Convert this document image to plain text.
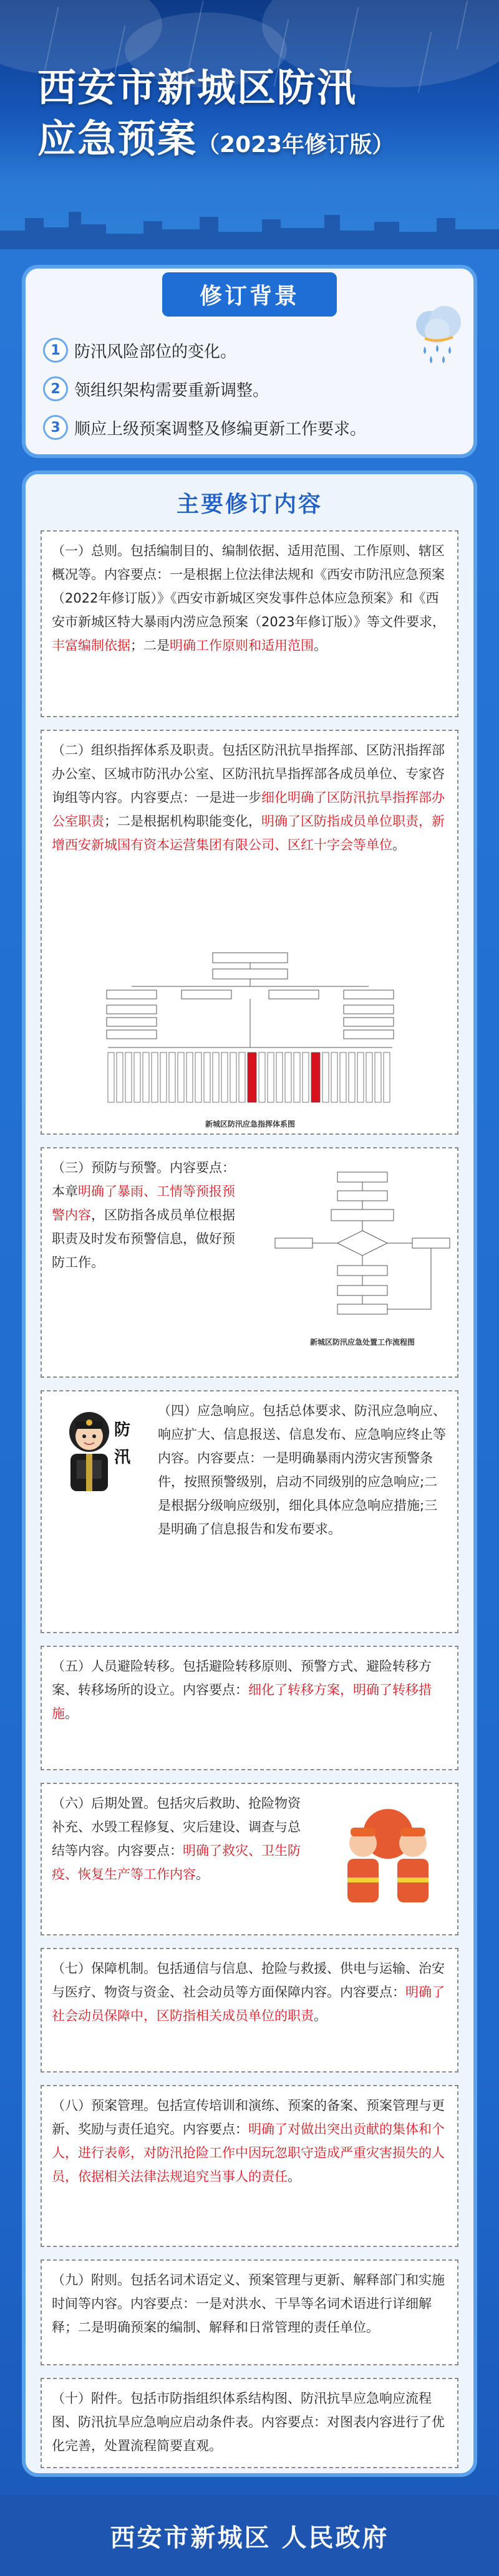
西安市新城区防汛
应急预案（2023年修订版）
修订背景
1 防汛风险部位的变化。
2 领组织架构需要重新调整。
3 顺应上级预案调整及修编更新工作要求。
主要修订内容
（一）总则。包括编制目的、编制依据、适用范围、工作原则、辖区概况等。内容要点：一是根据上位法律法规和《西安市防汛应急预案（2022年修订版）》《西安市新城区突发事件总体应急预案》和《西安市新城区特大暴雨内涝应急预案（2023年修订版）》等文件要求，丰富编制依据；二是明确工作原则和适用范围。
（二）组织指挥体系及职责。包括区防汛抗旱指挥部、区防汛指挥部办公室、区城市防汛办公室、区防汛抗旱指挥部各成员单位、专家咨询组等内容。内容要点：一是进一步细化明确了区防汛抗旱指挥部办公室职责；二是根据机构职能变化，明确了区防指成员单位职责，新增西安新城国有资本运营集团有限公司、区红十字会等单位。
新城区防汛应急指挥体系图
（三）预防与预警。内容要点：本章明确了暴雨、工情等预报预警内容，区防指各成员单位根据职责及时发布预警信息，做好预防工作。
新城区防汛应急处置工作流程图
防汛
（四）应急响应。包括总体要求、防汛应急响应、响应扩大、信息报送、信息发布、应急响应终止等内容。内容要点：一是明确暴雨内涝灾害预警条件，按照预警级别，启动不同级别的应急响应;二是根据分级响应级别，细化具体应急响应措施;三是明确了信息报告和发布要求。
（五）人员避险转移。包括避险转移原则、预警方式、避险转移方案、转移场所的设立。内容要点：细化了转移方案，明确了转移措施。
（六）后期处置。包括灾后救助、抢险物资补充、水毁工程修复、灾后建设、调查与总结等内容。内容要点：明确了救灾、卫生防疫、恢复生产等工作内容。
（七）保障机制。包括通信与信息、抢险与救援、供电与运输、治安与医疗、物资与资金、社会动员等方面保障内容。内容要点：明确了社会动员保障中，区防指相关成员单位的职责。
（八）预案管理。包括宣传培训和演练、预案的备案、预案管理与更新、奖励与责任追究。内容要点：明确了对做出突出贡献的集体和个人，进行表彰，对防汛抢险工作中因玩忽职守造成严重灾害损失的人员，依据相关法律法规追究当事人的责任。
（九）附则。包括名词术语定义、预案管理与更新、解释部门和实施时间等内容。内容要点：一是对洪水、干旱等名词术语进行详细解释；二是明确预案的编制、解释和日常管理的责任单位。
（十）附件。包括市防指组织体系结构图、防汛抗旱应急响应流程图、防汛抗旱应急响应启动条件表。内容要点：对图表内容进行了优化完善，处置流程简要直观。
西安市新城区 人民政府
